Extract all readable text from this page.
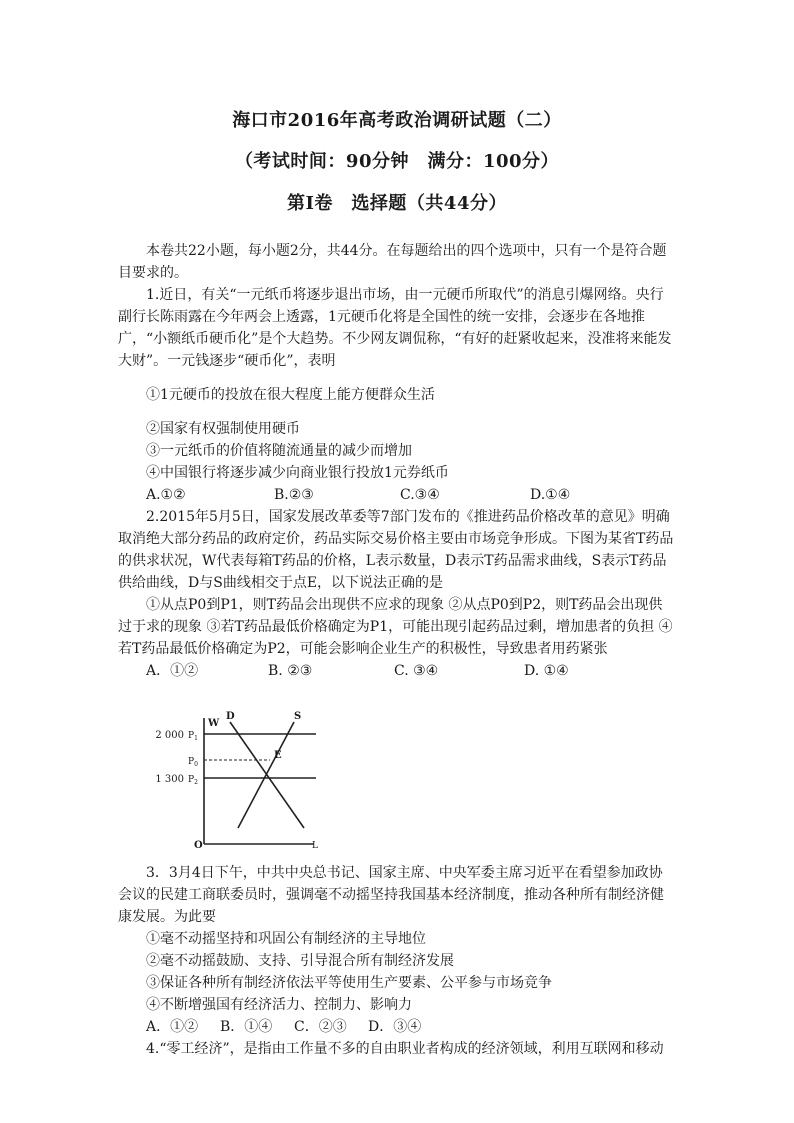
海口市2016年高考政治调研试题（二）
（考试时间：90分钟　满分：100分）
第Ⅰ卷　选择题（共44分）

本卷共22小题，每小题2分，共44分。在每题给出的四个选项中，只有一个是符合题目要求的。

1.近日，有关“一元纸币将逐步退出市场，由一元硬币所取代”的消息引爆网络。央行副行长陈雨露在今年两会上透露，1元硬币化将是全国性的统一安排，会逐步在各地推广，“小额纸币硬币化”是个大趋势。不少网友调侃称，“有好的赶紧收起来，没准将来能发大财”。一元钱逐步“硬币化”，表明

①1元硬币的投放在很大程度上能方便群众生活

②国家有权强制使用硬币

③一元纸币的价值将随流通量的减少而增加

④中国银行将逐步减少向商业银行投放1元券纸币

A.①②	B.②③	C.③④	D.①④

2.2015年5月5日，国家发展改革委等7部门发布的《推进药品价格改革的意见》明确取消绝大部分药品的政府定价，药品实际交易价格主要由市场竞争形成。下图为某省T药品的供求状况，W代表每箱T药品的价格，L表示数量，D表示T药品需求曲线，S表示T药品供给曲线，D与S曲线相交于点E，以下说法正确的是

①从点P0到P1，则T药品会出现供不应求的现象 ②从点P0到P2，则T药品会出现供过于求的现象 ③若T药品最低价格确定为P1，可能出现引起药品过剩，增加患者的负担 ④若T药品最低价格确定为P2，可能会影响企业生产的积极性，导致患者用药紧张

A．①②	B. ②③	C. ③④	D. ①④
W
L
O
$P_1$
2 000
$P_0$
$P_2$
1 300
D	S
E

3．3月4日下午，中共中央总书记、国家主席、中央军委主席习近平在看望参加政协会议的民建工商联委员时，强调毫不动摇坚持我国基本经济制度，推动各种所有制经济健康发展。为此要

①毫不动摇坚持和巩固公有制经济的主导地位

②毫不动摇鼓励、支持、引导混合所有制经济发展

③保证各种所有制经济依法平等使用生产要素、公平参与市场竞争

④不断增强国有经济活力、控制力、影响力

A．①②	B．①④	C．②③	D．③④

4.“零工经济”，是指由工作量不多的自由职业者构成的经济领域，利用互联网和移动
